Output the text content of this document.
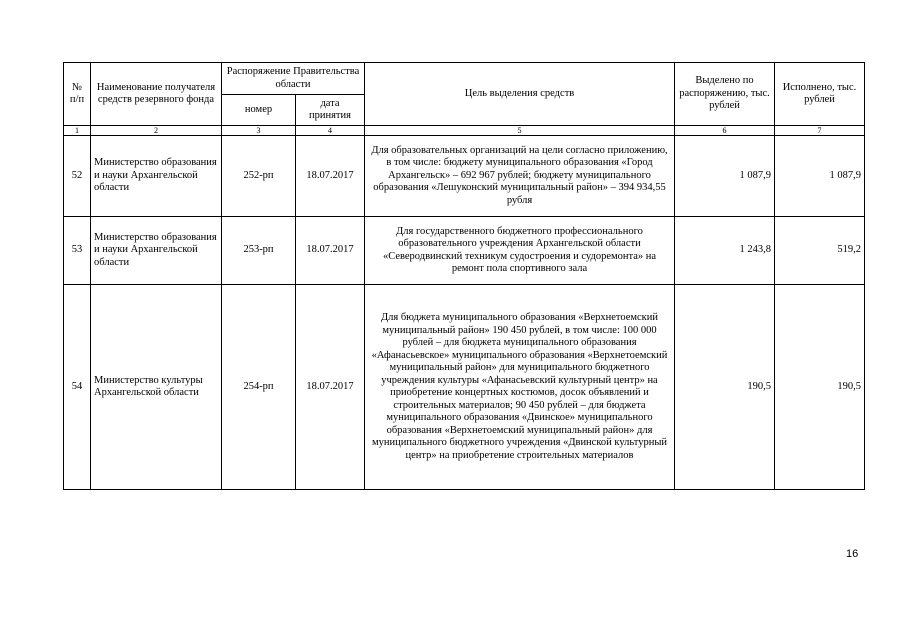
№ п/п	Наименование получателя средств резервного фонда	Распоряжение Правительства области		Цель выделения средств	Выделено по распоряжению, тыс. рублей	Исполнено, тыс. рублей
		номер	дата принятия			
1	2	3	4	5	6	7
52	Министерство образования и науки Архангельской области	252-рп	18.07.2017	Для образовательных организаций на цели согласно приложению, в том числе: бюджету муниципального образования «Город Архангельск» – 692 967 рублей; бюджету муниципального образования «Лешуконский муниципальный район» – 394 934,55 рубля	1 087,9	1 087,9
53	Министерство образования и науки Архангельской области	253-рп	18.07.2017	Для государственного бюджетного профессионального образовательного учреждения Архангельской области «Северодвинский техникум судостроения и судоремонта» на ремонт пола спортивного зала	1 243,8	519,2
54	Министерство культуры Архангельской области	254-рп	18.07.2017	Для бюджета муниципального образования «Верхнетоемский муниципальный район» 190 450 рублей, в том числе: 100 000 рублей – для бюджета муниципального образования «Афанасьевское» муниципального образования «Верхнетоемский муниципальный район» для муниципального бюджетного учреждения культуры «Афанасьевский культурный центр» на приобретение концертных костюмов, досок объявлений и строительных материалов; 90 450 рублей – для бюджета муниципального образования «Двинское» муниципального образования «Верхнетоемский муниципальный район» для муниципального бюджетного учреждения «Двинской культурный центр» на приобретение строительных материалов	190,5	190,5
16
